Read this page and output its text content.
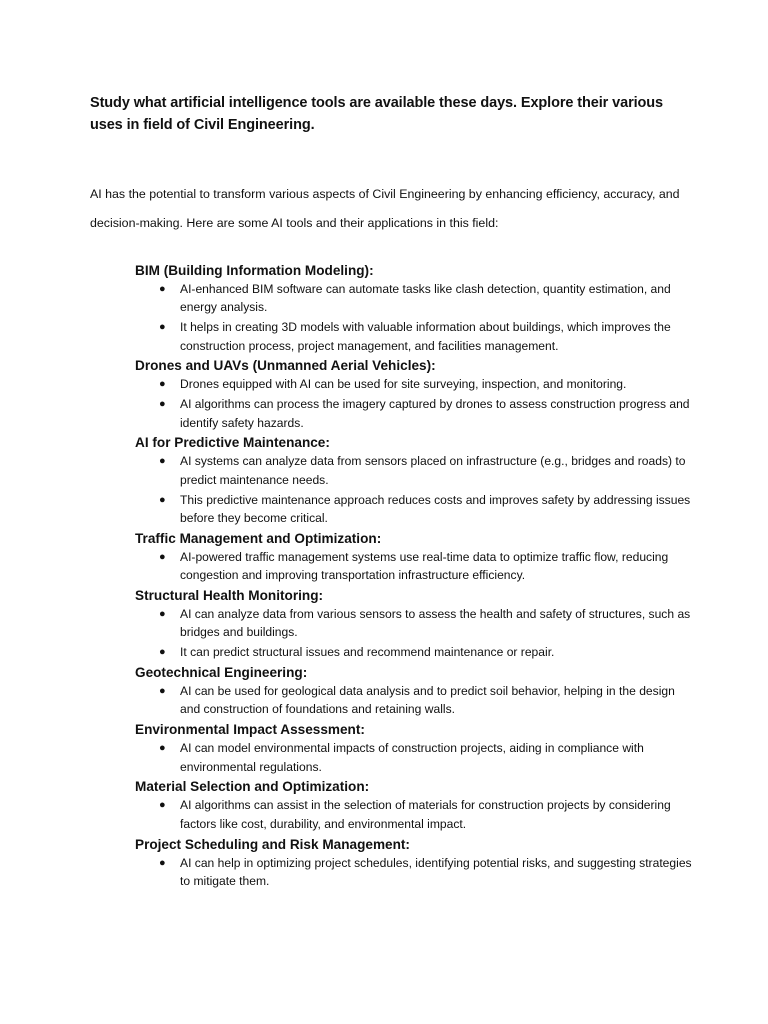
Study what artificial intelligence tools are available these days. Explore their various uses in field of Civil Engineering.
AI has the potential to transform various aspects of Civil Engineering by enhancing efficiency, accuracy, and decision-making. Here are some AI tools and their applications in this field:
BIM (Building Information Modeling):
● AI-enhanced BIM software can automate tasks like clash detection, quantity estimation, and energy analysis.
● It helps in creating 3D models with valuable information about buildings, which improves the construction process, project management, and facilities management.
Drones and UAVs (Unmanned Aerial Vehicles):
● Drones equipped with AI can be used for site surveying, inspection, and monitoring.
● AI algorithms can process the imagery captured by drones to assess construction progress and identify safety hazards.
AI for Predictive Maintenance:
● AI systems can analyze data from sensors placed on infrastructure (e.g., bridges and roads) to predict maintenance needs.
● This predictive maintenance approach reduces costs and improves safety by addressing issues before they become critical.
Traffic Management and Optimization:
● AI-powered traffic management systems use real-time data to optimize traffic flow, reducing congestion and improving transportation infrastructure efficiency.
Structural Health Monitoring:
● AI can analyze data from various sensors to assess the health and safety of structures, such as bridges and buildings.
● It can predict structural issues and recommend maintenance or repair.
Geotechnical Engineering:
● AI can be used for geological data analysis and to predict soil behavior, helping in the design and construction of foundations and retaining walls.
Environmental Impact Assessment:
● AI can model environmental impacts of construction projects, aiding in compliance with environmental regulations.
Material Selection and Optimization:
● AI algorithms can assist in the selection of materials for construction projects by considering factors like cost, durability, and environmental impact.
Project Scheduling and Risk Management:
● AI can help in optimizing project schedules, identifying potential risks, and suggesting strategies to mitigate them.
